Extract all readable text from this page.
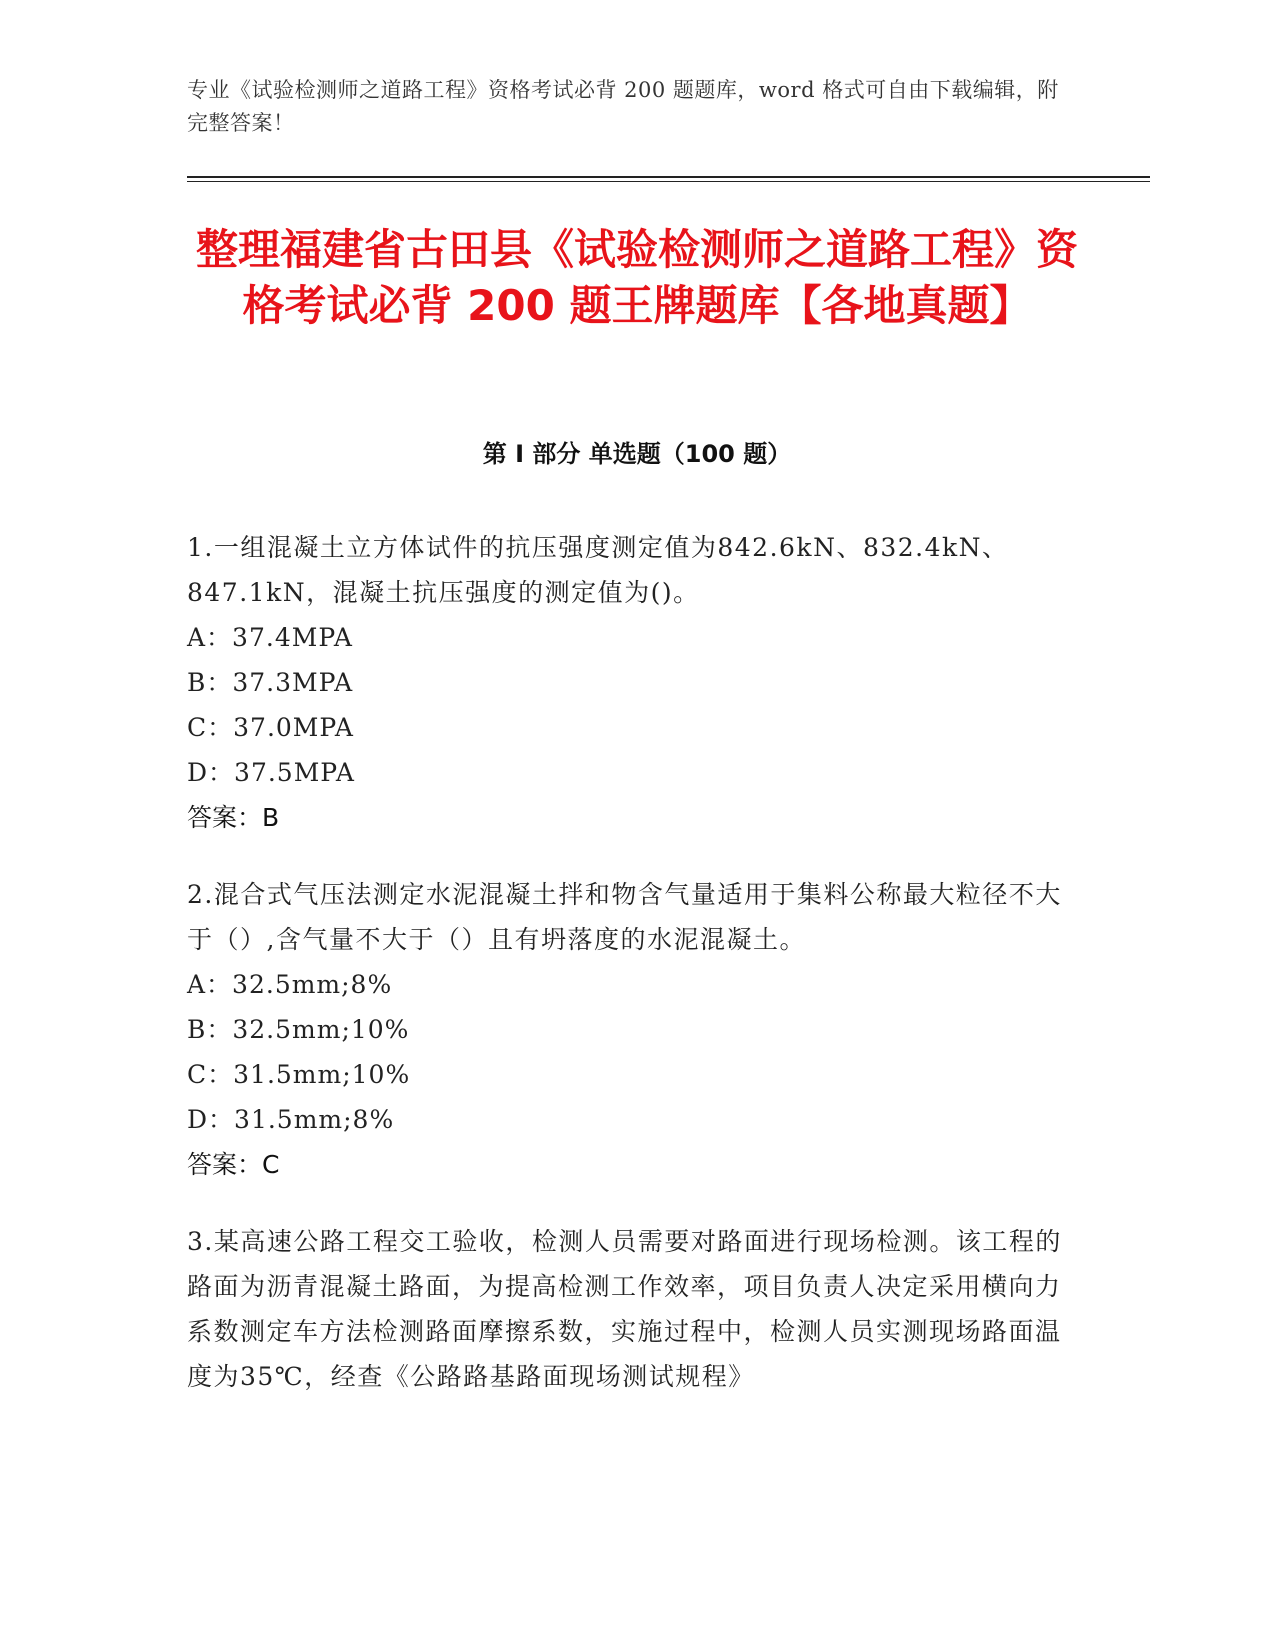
专业《试验检测师之道路工程》资格考试必背 200 题题库，word 格式可自由下载编辑，附完整答案！
整理福建省古田县《试验检测师之道路工程》资格考试必背 200 题王牌题库【各地真题】
第 I 部分 单选题（100 题）
1.一组混凝土立方体试件的抗压强度测定值为842.6kN、832.4kN、847.1kN，混凝土抗压强度的测定值为()。
A：37.4MPA
B：37.3MPA
C：37.0MPA
D：37.5MPA
答案：B
2.混合式气压法测定水泥混凝土拌和物含气量适用于集料公称最大粒径不大于（）,含气量不大于（）且有坍落度的水泥混凝土。
A：32.5mm;8%
B：32.5mm;10%
C：31.5mm;10%
D：31.5mm;8%
答案：C
3.某高速公路工程交工验收，检测人员需要对路面进行现场检测。该工程的路面为沥青混凝土路面，为提高检测工作效率，项目负责人决定采用横向力系数测定车方法检测路面摩擦系数，实施过程中，检测人员实测现场路面温度为35℃，经查《公路路基路面现场测试规程》
